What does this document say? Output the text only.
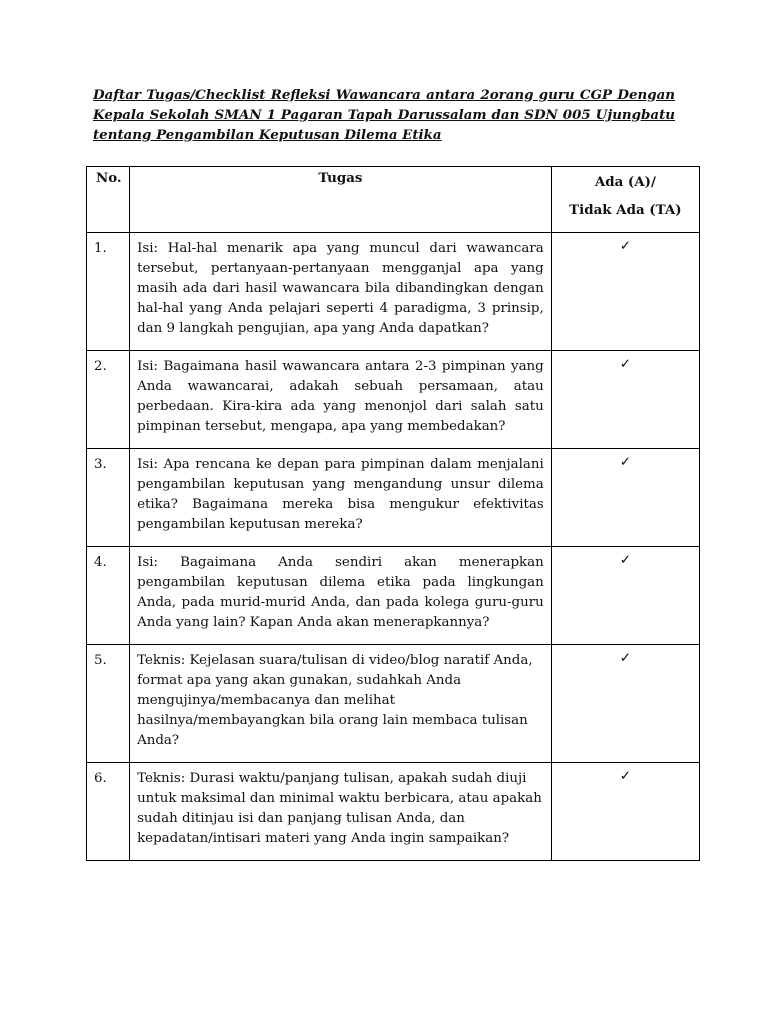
Daftar Tugas/Checklist Refleksi Wawancara antara 2orang guru CGP Dengan Kepala Sekolah SMAN 1 Pagaran Tapah Darussalam dan SDN 005 Ujungbatu tentang Pengambilan Keputusan Dilema Etika
No.	Tugas	Ada (A)/
Tidak Ada (TA)

1.	Isi: Hal-hal menarik apa yang muncul dari wawancara tersebut, pertanyaan-pertanyaan mengganjal apa yang masih ada dari hasil wawancara bila dibandingkan dengan hal-hal yang Anda pelajari seperti 4 paradigma, 3 prinsip, dan 9 langkah pengujian, apa yang Anda dapatkan?	✓
2.	Isi: Bagaimana hasil wawancara antara 2-3 pimpinan yang Anda wawancarai, adakah sebuah persamaan, atau perbedaan. Kira-kira ada yang menonjol dari salah satu pimpinan tersebut, mengapa, apa yang membedakan?	✓
3.	Isi: Apa rencana ke depan para pimpinan dalam menjalani pengambilan keputusan yang mengandung unsur dilema etika? Bagaimana mereka bisa mengukur efektivitas pengambilan keputusan mereka?	✓
4.	Isi: Bagaimana Anda sendiri akan menerapkan pengambilan keputusan dilema etika pada lingkungan Anda, pada murid-murid Anda, dan pada kolega guru-guru Anda yang lain? Kapan Anda akan menerapkannya?	✓
5.	Teknis: Kejelasan suara/tulisan di video/blog naratif Anda, format apa yang akan gunakan, sudahkah Anda mengujinya/membacanya dan melihat hasilnya/membayangkan bila orang lain membaca tulisan Anda?	✓
6.	Teknis: Durasi waktu/panjang tulisan, apakah sudah diuji untuk maksimal dan minimal waktu berbicara, atau apakah sudah ditinjau isi dan panjang tulisan Anda, dan kepadatan/intisari materi yang Anda ingin sampaikan?	✓
